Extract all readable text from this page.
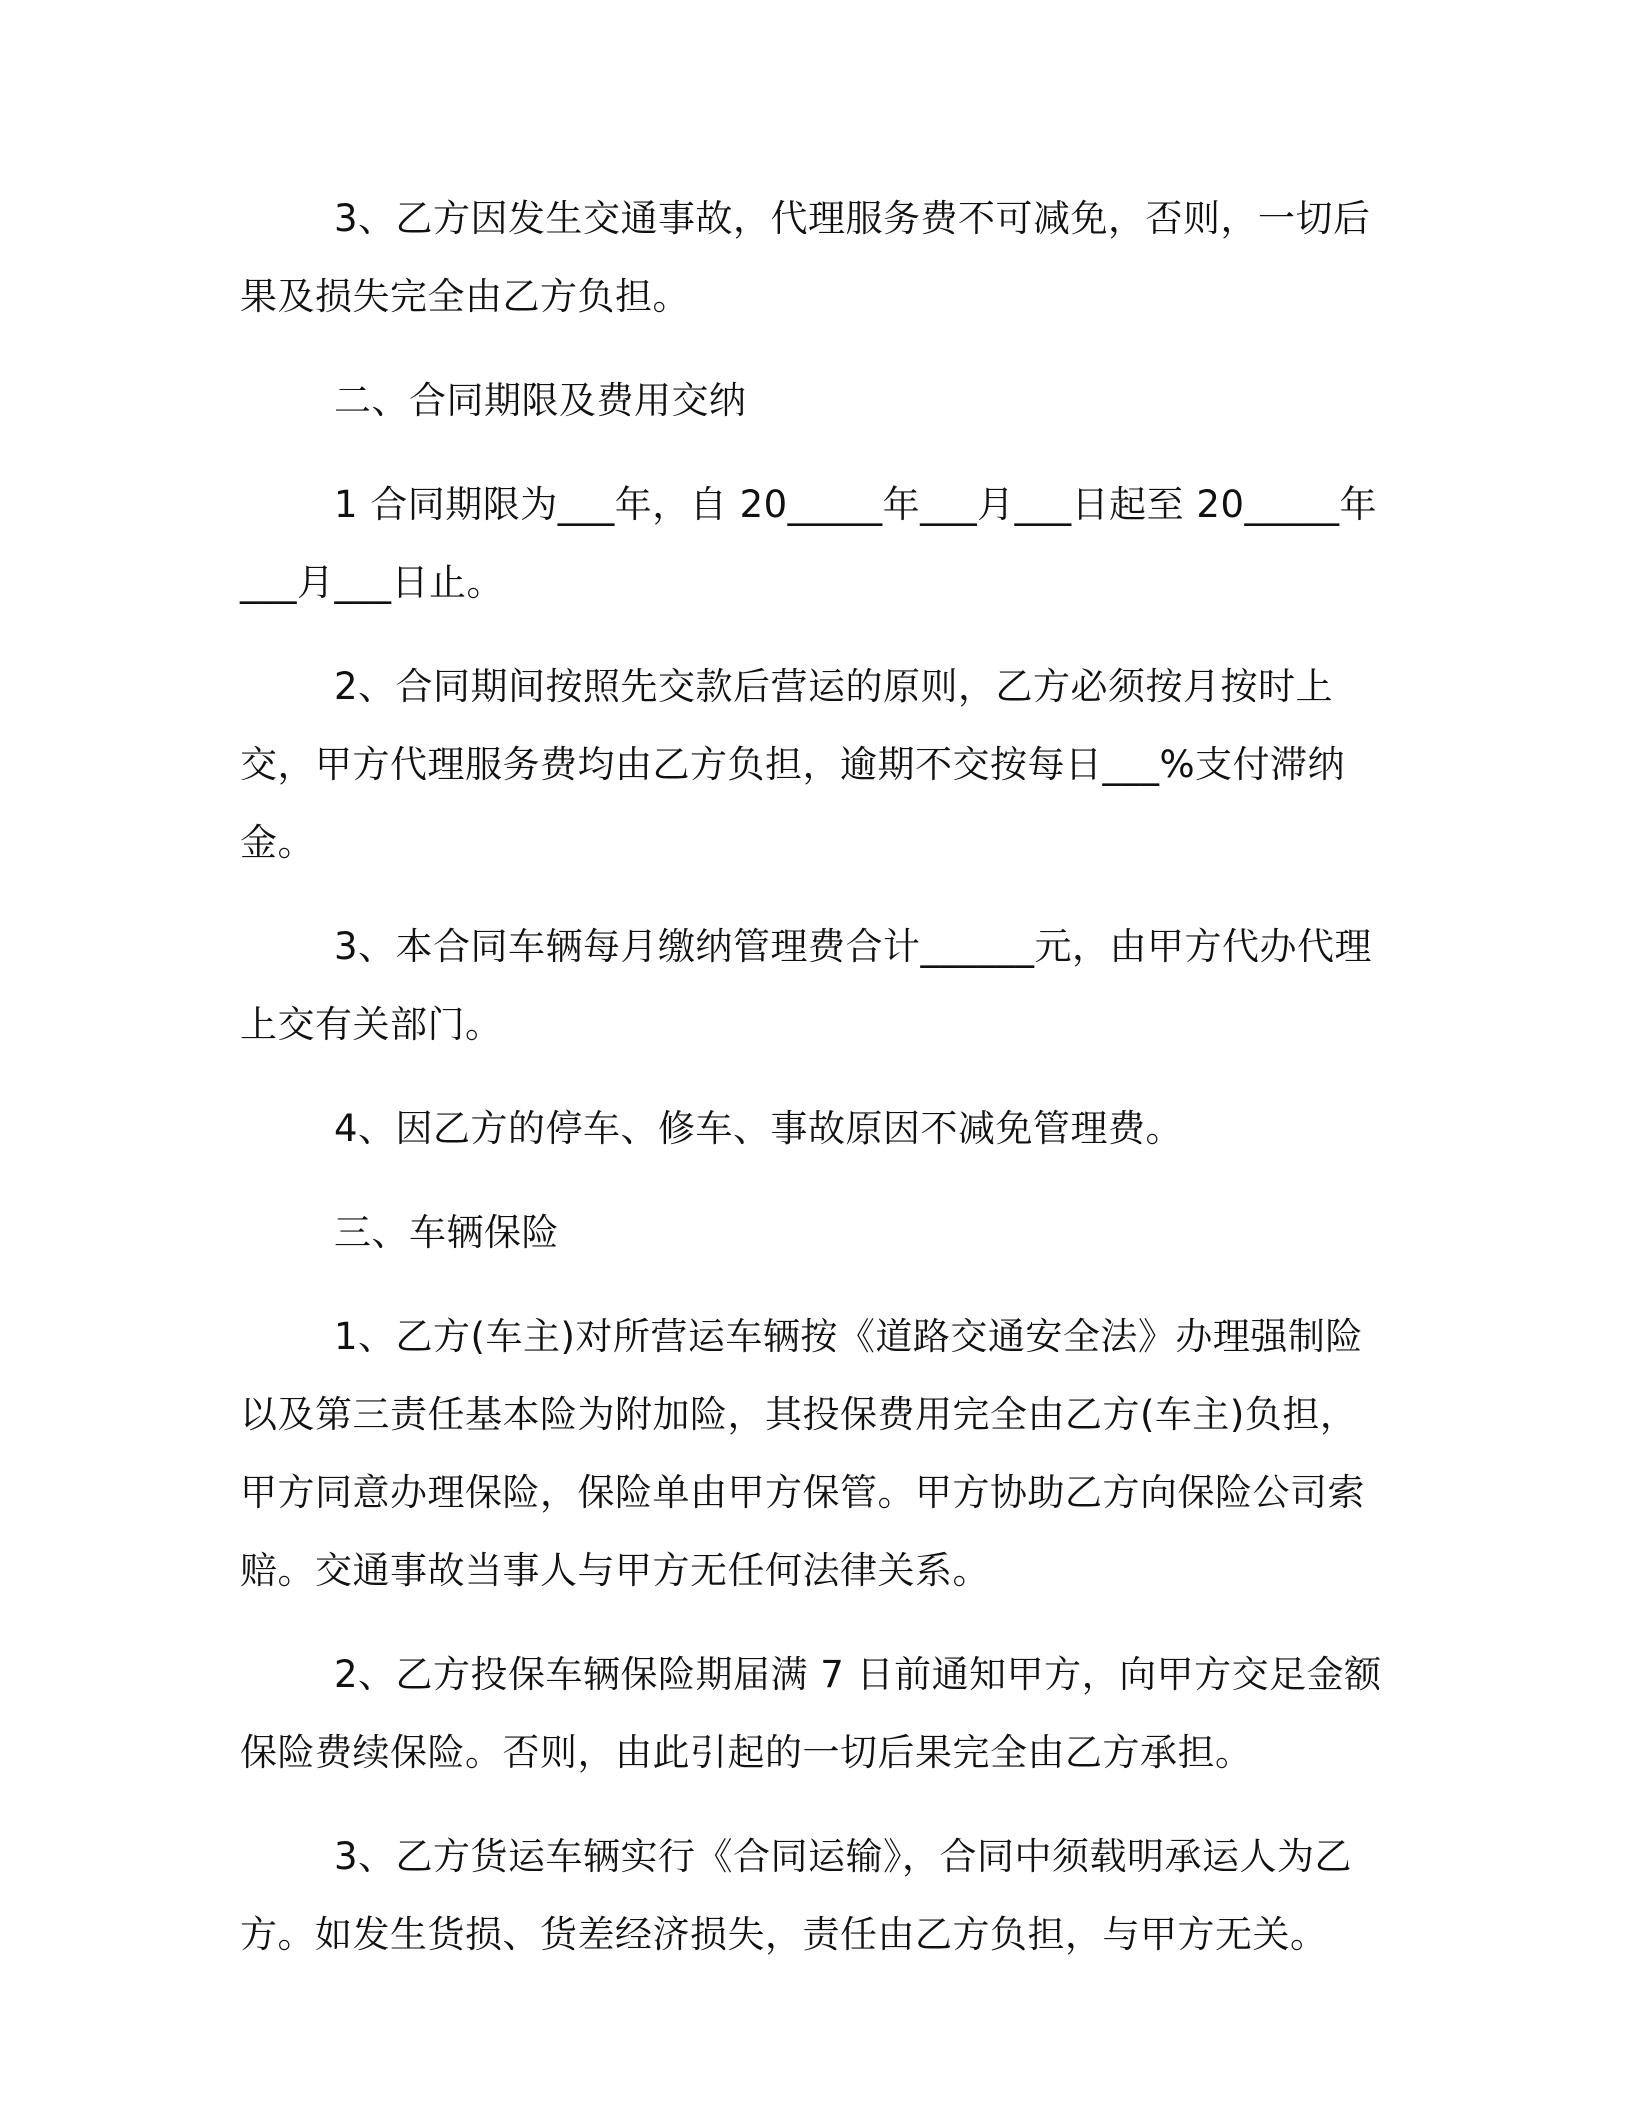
3、乙方因发生交通事故，代理服务费不可减免，否则，一切后果及损失完全由乙方负担。

二、合同期限及费用交纳

1 合同期限为___年，自 20_____年___月___日起至 20_____年___月___日止。

2、合同期间按照先交款后营运的原则，乙方必须按月按时上交，甲方代理服务费均由乙方负担，逾期不交按每日___%支付滞纳金。

3、本合同车辆每月缴纳管理费合计______元，由甲方代办代理上交有关部门。

4、因乙方的停车、修车、事故原因不减免管理费。

三、车辆保险

1、乙方(车主)对所营运车辆按《道路交通安全法》办理强制险以及第三责任基本险为附加险，其投保费用完全由乙方(车主)负担，甲方同意办理保险，保险单由甲方保管。甲方协助乙方向保险公司索赔。交通事故当事人与甲方无任何法律关系。

2、乙方投保车辆保险期届满 7 日前通知甲方，向甲方交足金额保险费续保险。否则，由此引起的一切后果完全由乙方承担。

3、乙方货运车辆实行《合同运输》，合同中须载明承运人为乙方。如发生货损、货差经济损失，责任由乙方负担，与甲方无关。
